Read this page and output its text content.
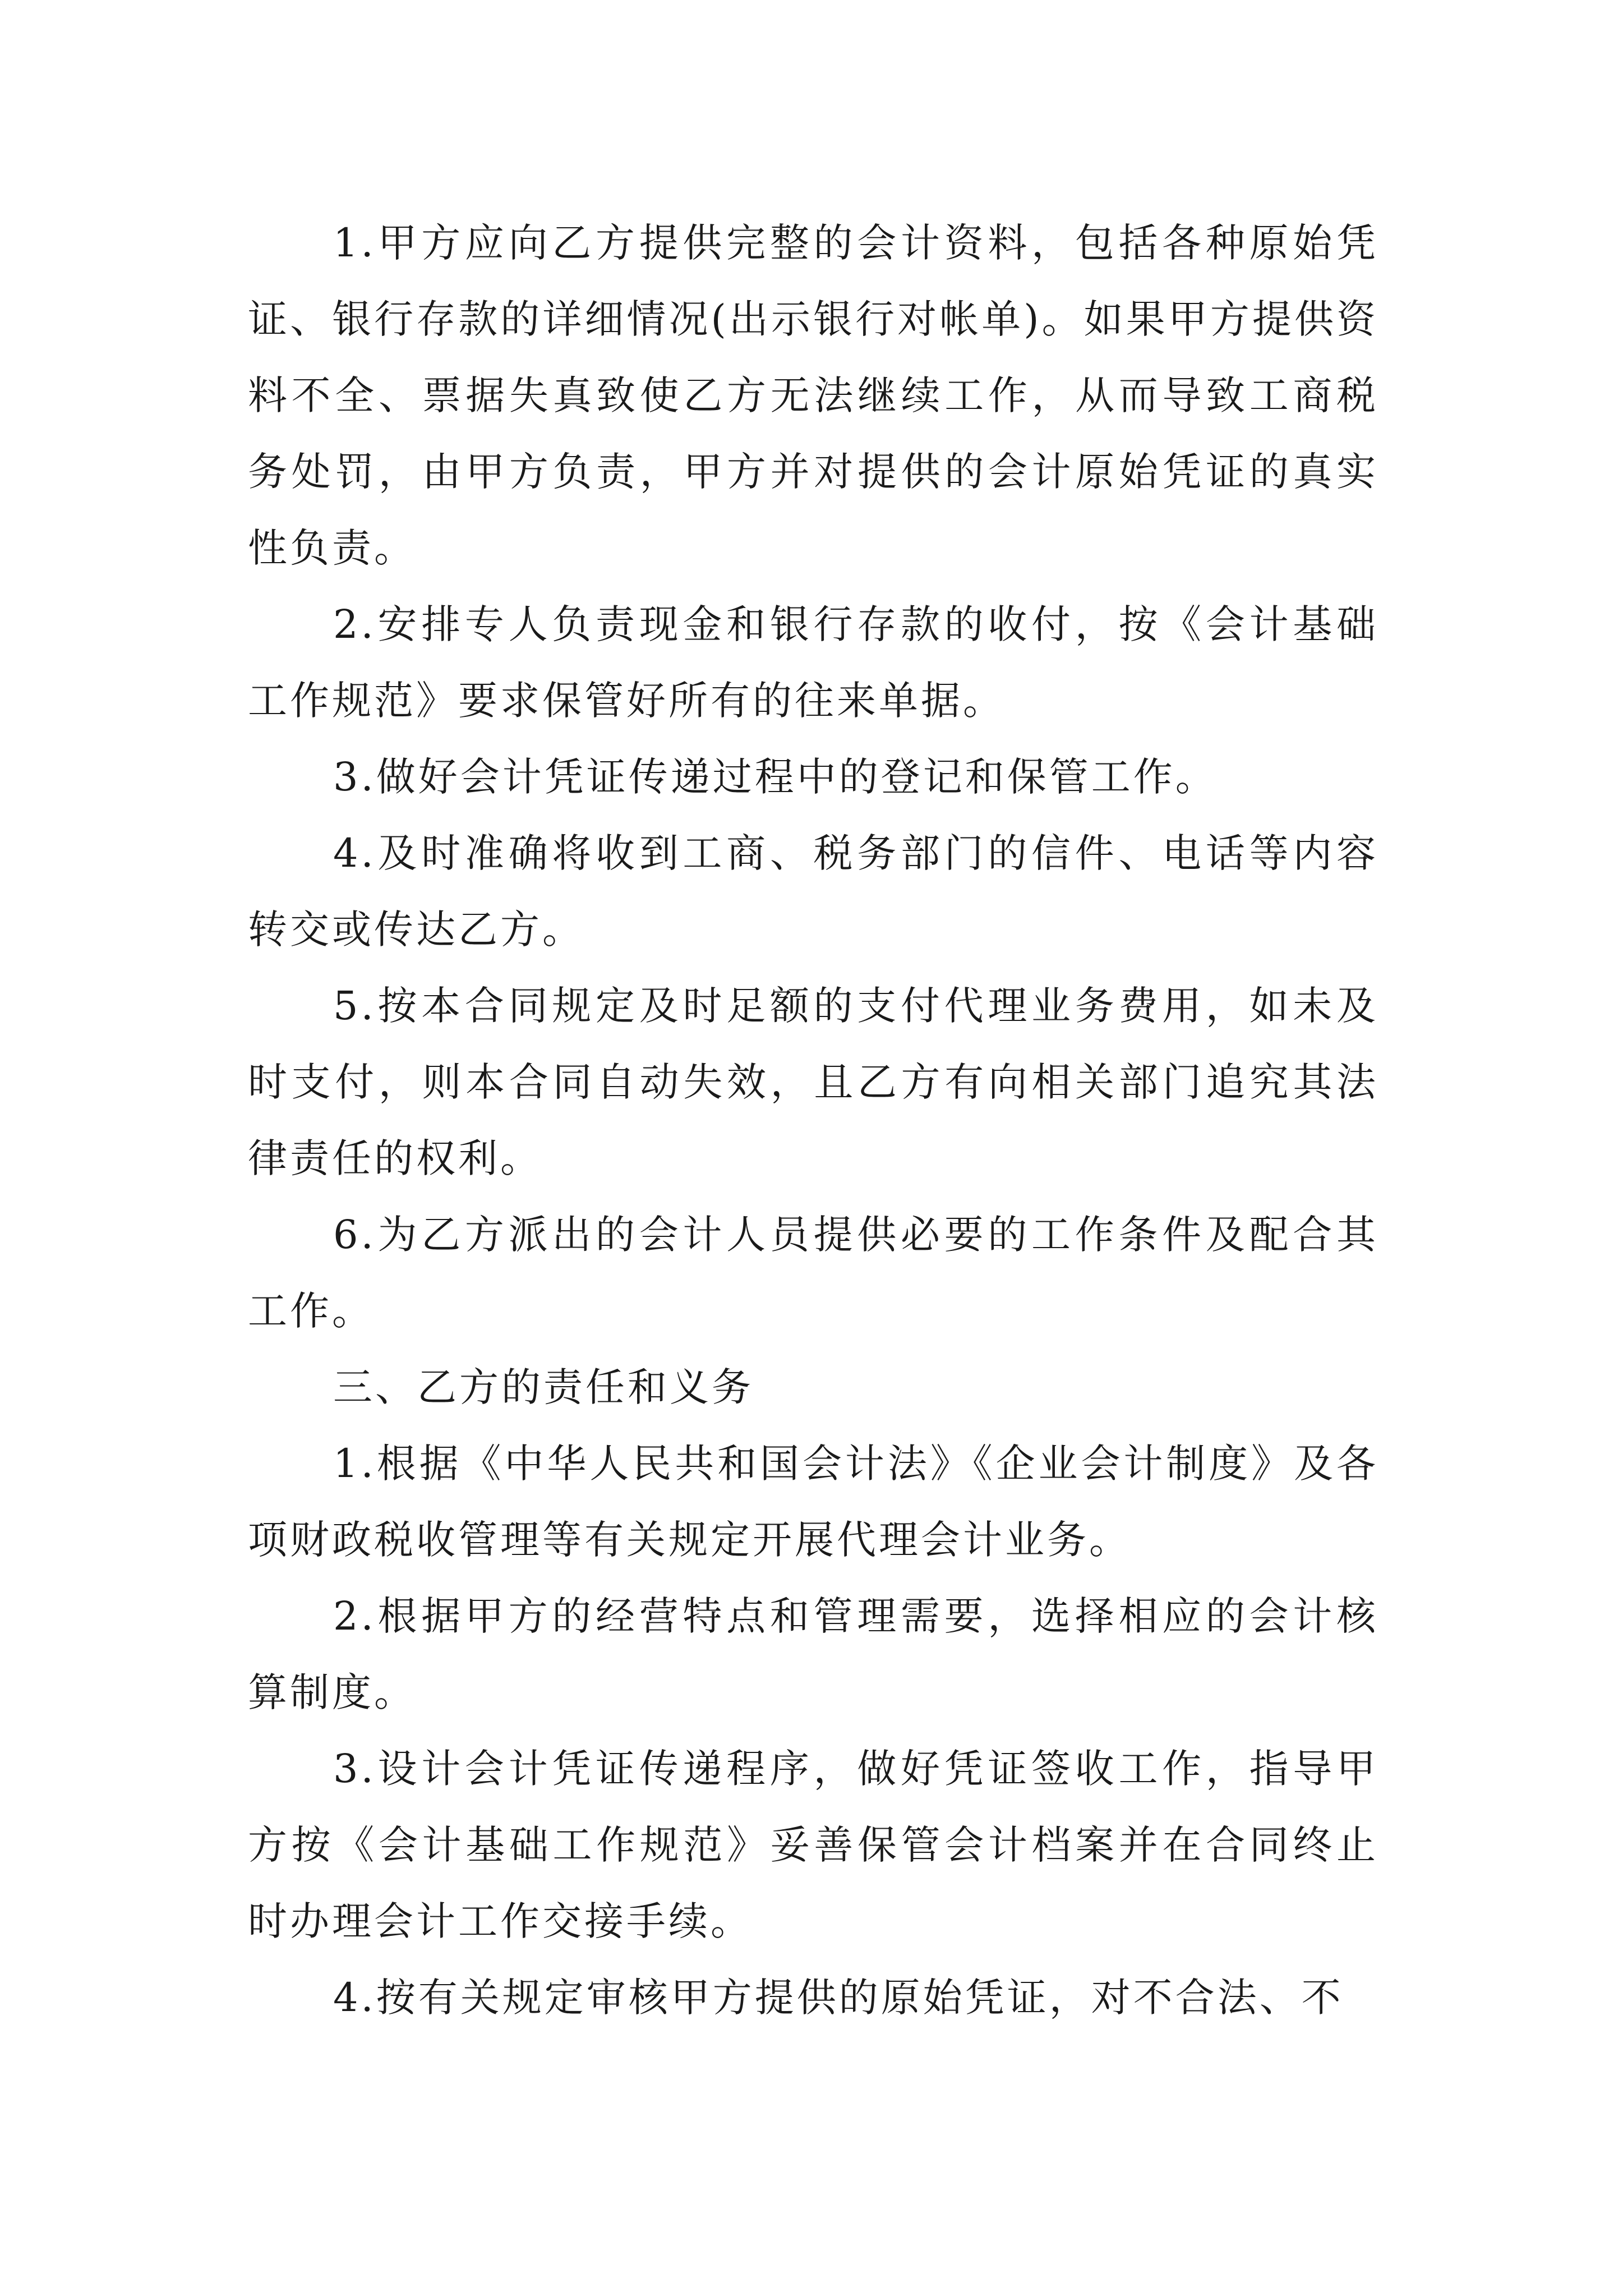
1.甲方应向乙方提供完整的会计资料，包括各种原始凭证、银行存款的详细情况(出示银行对帐单)。如果甲方提供资料不全、票据失真致使乙方无法继续工作，从而导致工商税务处罚，由甲方负责，甲方并对提供的会计原始凭证的真实性负责。

2.安排专人负责现金和银行存款的收付，按《会计基础工作规范》要求保管好所有的往来单据。

3.做好会计凭证传递过程中的登记和保管工作。

4.及时准确将收到工商、税务部门的信件、电话等内容转交或传达乙方。

5.按本合同规定及时足额的支付代理业务费用，如未及时支付，则本合同自动失效，且乙方有向相关部门追究其法律责任的权利。

6.为乙方派出的会计人员提供必要的工作条件及配合其工作。

三、乙方的责任和义务

1.根据《中华人民共和国会计法》《企业会计制度》及各项财政税收管理等有关规定开展代理会计业务。

2.根据甲方的经营特点和管理需要，选择相应的会计核算制度。

3.设计会计凭证传递程序，做好凭证签收工作，指导甲方按《会计基础工作规范》妥善保管会计档案并在合同终止时办理会计工作交接手续。

4.按有关规定审核甲方提供的原始凭证，对不合法、不
